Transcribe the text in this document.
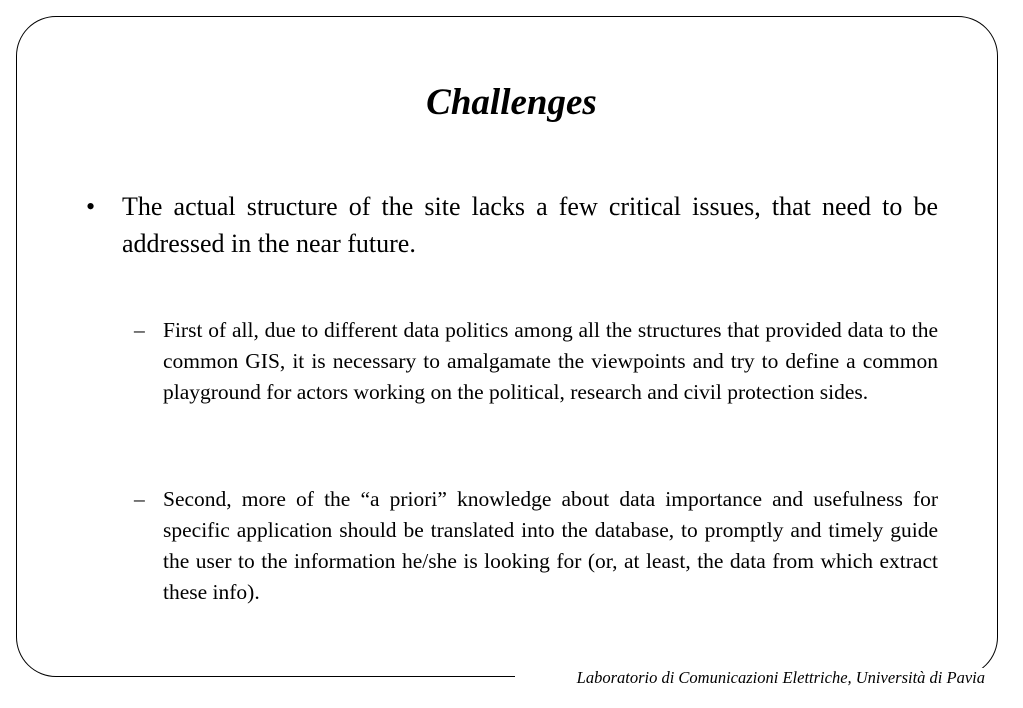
Challenges
• The actual structure of the site lacks a few critical issues, that need to be addressed in the near future.
– First of all, due to different data politics among all the structures that provided data to the common GIS, it is necessary to amalgamate the viewpoints and try to define a common playground for actors working on the political, research and civil protection sides.
– Second, more of the “a priori” knowledge about data importance and usefulness for specific application should be translated into the database, to promptly and timely guide the user to the information he/she is looking for (or, at least, the data from which extract these info).
Laboratorio di Comunicazioni Elettriche, Università di Pavia
